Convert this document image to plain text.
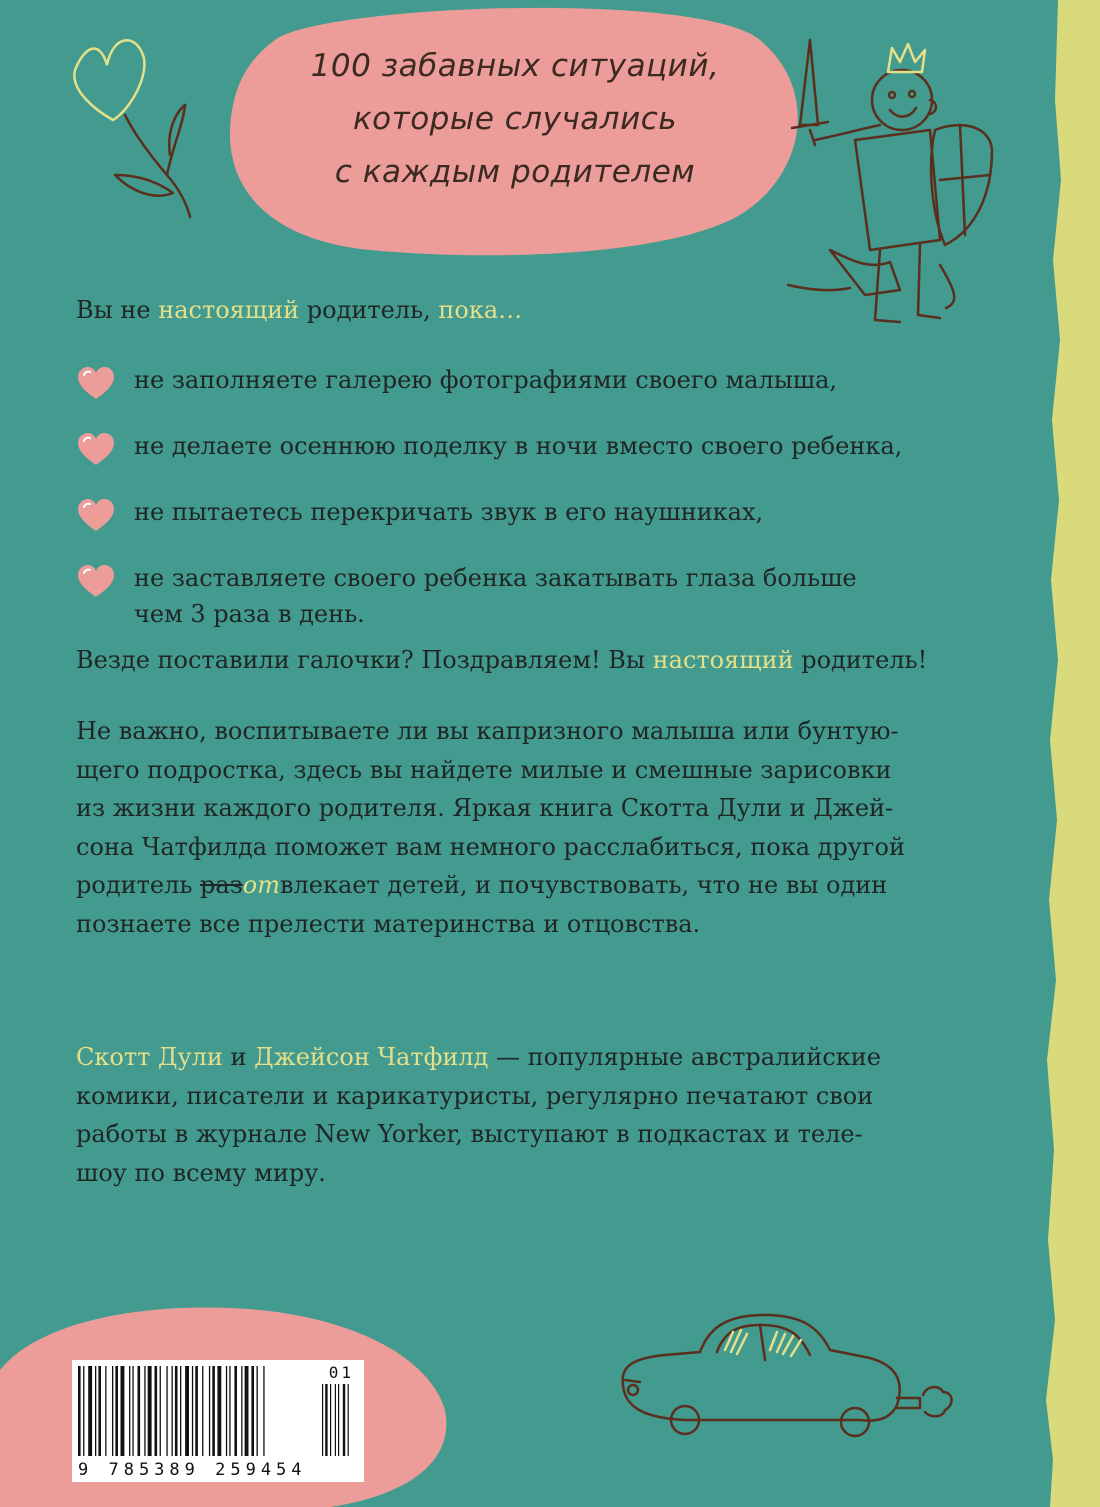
100 забавных ситуаций,
которые случались
с каждым родителем
Вы не настоящий родитель, пока…
не заполняете галерею фотографиями своего малыша,
не делаете осеннюю поделку в ночи вместо своего ребенка,
не пытаетесь перекричать звук в его наушниках,
не заставляете своего ребенка закатывать глаза больше
чем 3 раза в день.
Везде поставили галочки? Поздравляем! Вы настоящий родитель!
Не важно, воспитываете ли вы капризного малыша или бунтую-
щего подростка, здесь вы найдете милые и смешные зарисовки
из жизни каждого родителя. Яркая книга Скотта Дули и Джей-
сона Чатфилда поможет вам немного расслабиться, пока другой
родитель разотвлекает детей, и почувствовать, что не вы один
познаете все прелести материнства и отцовства.
Скотт Дули и Джейсон Чатфилд — популярные австралийские
комики, писатели и карикатуристы, регулярно печатают свои
работы в журнале New Yorker, выступают в подкастах и теле-
шоу по всему миру.
01
9 785389 259454
